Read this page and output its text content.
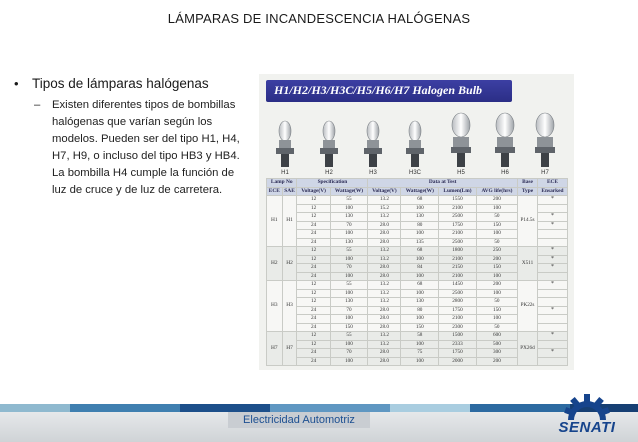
LÁMPARAS DE INCANDESCENCIA HALÓGENAS
• Tipos de lámparas halógenas
–	Existen diferentes tipos de bombillas halógenas que varían según los modelos. Pueden ser del tipo H1, H4, H7, H9, o incluso del tipo HB3 y HB4. La bombilla H4 cumple la función de luz de cruce y de luz de carretera.
H1/H2/H3/H3C/H5/H6/H7 Halogen Bulb
H1	H2	H3	H3C	H5	H6	H7
Lamp No		Specification		Data at Test				Base	ECE
ECE	SAE	Voltage(V)	Wattage(W)	Voltage(V)	Wattage(W)	Lumen(Lm)	AVG life(hrs)	Type	Ensarked
H1	H1	12	55	13.2	68	1550	200	P14.5s	*
		12	100	15.2	100	2100	100		
		12	130	13.2	130	2500	50		*
		24	70	28.0	80	1750	150		*
		24	100	28.0	100	2100	100		
		24	130	28.0	135	2500	50		
H2	H2	12	55	13.2	68	1800	250	X511	*
		12	100	13.2	100	2100	200		*
		24	70	28.0	84	2150	150		*
		24	100	28.0	100	2100	100		
H3	H3	12	55	13.2	68	1450	200	PK22s	*
		12	100	13.2	100	2500	100		
		12	130	13.2	130	2800	50		
		24	70	28.0	80	1750	150		*
		24	100	28.0	100	2100	100		
		24	150	28.0	150	2300	50		
H7	H7	12	55	13.2	58	1500	600	PX26d	*
		12	100	13.2	100	2333	500		
		24	70	28.0	75	1750	300		*
		24	100	28.0	100	2000	200		
Electricidad Automotriz	SENATI
